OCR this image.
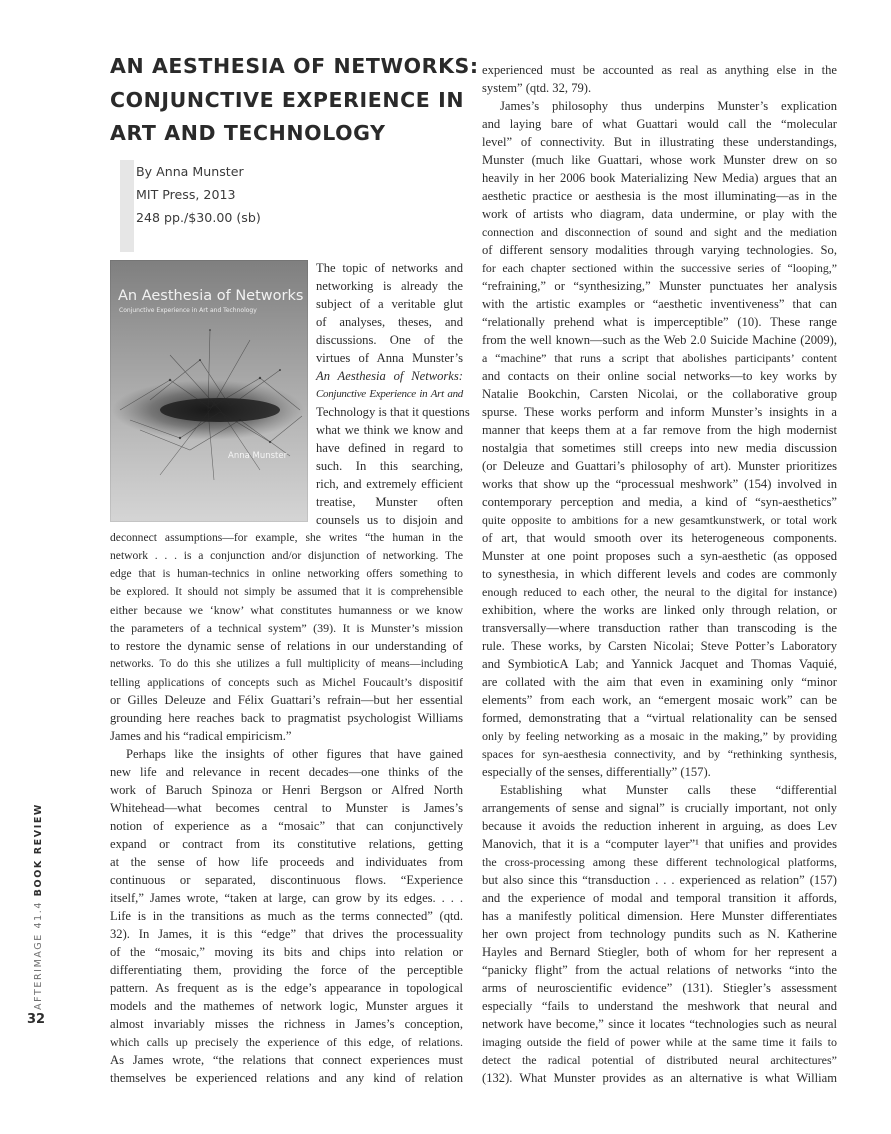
AN AESTHESIA OF NETWORKS:
CONJUNCTIVE EXPERIENCE IN
ART AND TECHNOLOGY
By Anna Munster
MIT Press, 2013
248 pp./$30.00 (sb)
An Aesthesia of Networks
Conjunctive Experience in Art and Technology
Anna Munster
The topic of networks and
networking is already the
subject of a veritable glut
of analyses, theses, and
discussions. One of the
virtues of Anna Munster’s
An Aesthesia of Networks:
Conjunctive Experience in Art and
Technology is that it questions
what we think we know and
have defined in regard to
such. In this searching,
rich, and extremely efficient
treatise, Munster often
counsels us to disjoin and
deconnect assumptions—for example, she writes “the human in the
network . . . is a conjunction and/or disjunction of networking. The
edge that is human-technics in online networking offers something to
be explored. It should not simply be assumed that it is comprehensible
either because we ‘know’ what constitutes humanness or we know
the parameters of a technical system” (39). It is Munster’s mission
to restore the dynamic sense of relations in our understanding of
networks. To do this she utilizes a full multiplicity of means—including
telling applications of concepts such as Michel Foucault’s dispositif
or Gilles Deleuze and Félix Guattari’s refrain—but her essential
grounding here reaches back to pragmatist psychologist Williams
James and his “radical empiricism.”
Perhaps like the insights of other figures that have gained
new life and relevance in recent decades—one thinks of the
work of Baruch Spinoza or Henri Bergson or Alfred North
Whitehead—what becomes central to Munster is James’s
notion of experience as a “mosaic” that can conjunctively
expand or contract from its constitutive relations, getting
at the sense of how life proceeds and individuates from
continuous or separated, discontinuous flows. “Experience
itself,” James wrote, “taken at large, can grow by its edges. . . .
Life is in the transitions as much as the terms connected” (qtd.
32). In James, it is this “edge” that drives the processuality
of the “mosaic,” moving its bits and chips into relation or
differentiating them, providing the force of the perceptible
pattern. As frequent as is the edge’s appearance in topological
models and the mathemes of network logic, Munster argues it
almost invariably misses the richness in James’s conception,
which calls up precisely the experience of this edge, of relations.
As James wrote, “the relations that connect experiences must
themselves be experienced relations and any kind of relation
experienced must be accounted as real as anything else in the
system” (qtd. 32, 79).
James’s philosophy thus underpins Munster’s explication
and laying bare of what Guattari would call the “molecular
level” of connectivity. But in illustrating these understandings,
Munster (much like Guattari, whose work Munster drew on so
heavily in her 2006 book Materializing New Media) argues that an
aesthetic practice or aesthesia is the most illuminating—as in the
work of artists who diagram, data undermine, or play with the
connection and disconnection of sound and sight and the mediation
of different sensory modalities through varying technologies. So,
for each chapter sectioned within the successive series of “looping,”
“refraining,” or “synthesizing,” Munster punctuates her analysis
with the artistic examples or “aesthetic inventiveness” that can
“relationally prehend what is imperceptible” (10). These range
from the well known—such as the Web 2.0 Suicide Machine (2009),
a “machine” that runs a script that abolishes participants’ content
and contacts on their online social networks—to key works by
Natalie Bookchin, Carsten Nicolai, or the collaborative group
spurse. These works perform and inform Munster’s insights in a
manner that keeps them at a far remove from the high modernist
nostalgia that sometimes still creeps into new media discussion
(or Deleuze and Guattari’s philosophy of art). Munster prioritizes
works that show up the “processual meshwork” (154) involved in
contemporary perception and media, a kind of “syn-aesthetics”
quite opposite to ambitions for a new gesamtkunstwerk, or total work
of art, that would smooth over its heterogeneous components.
Munster at one point proposes such a syn-aesthetic (as opposed
to synesthesia, in which different levels and codes are commonly
enough reduced to each other, the neural to the digital for instance)
exhibition, where the works are linked only through relation, or
transversally—where transduction rather than transcoding is the
rule. These works, by Carsten Nicolai; Steve Potter’s Laboratory
and SymbioticA Lab; and Yannick Jacquet and Thomas Vaquié,
are collated with the aim that even in examining only “minor
elements” from each work, an “emergent mosaic work” can be
formed, demonstrating that a “virtual relationality can be sensed
only by feeling networking as a mosaic in the making,” by providing
spaces for syn-aesthesia connectivity, and by “rethinking synthesis,
especially of the senses, differentially” (157).
Establishing what Munster calls these “differential
arrangements of sense and signal” is crucially important, not only
because it avoids the reduction inherent in arguing, as does Lev
Manovich, that it is a “computer layer”¹ that unifies and provides
the cross-processing among these different technological platforms,
but also since this “transduction . . . experienced as relation” (157)
and the experience of modal and temporal transition it affords,
has a manifestly political dimension. Here Munster differentiates
her own project from technology pundits such as N. Katherine
Hayles and Bernard Stiegler, both of whom for her represent a
“panicky flight” from the actual relations of networks “into the
arms of neuroscientific evidence” (131). Stiegler’s assessment
especially “fails to understand the meshwork that neural and
network have become,” since it locates “technologies such as neural
imaging outside the field of power while at the same time it fails to
detect the radical potential of distributed neural architectures”
(132). What Munster provides as an alternative is what William
AFTERIMAGE 41.4 BOOK REVIEW
32
